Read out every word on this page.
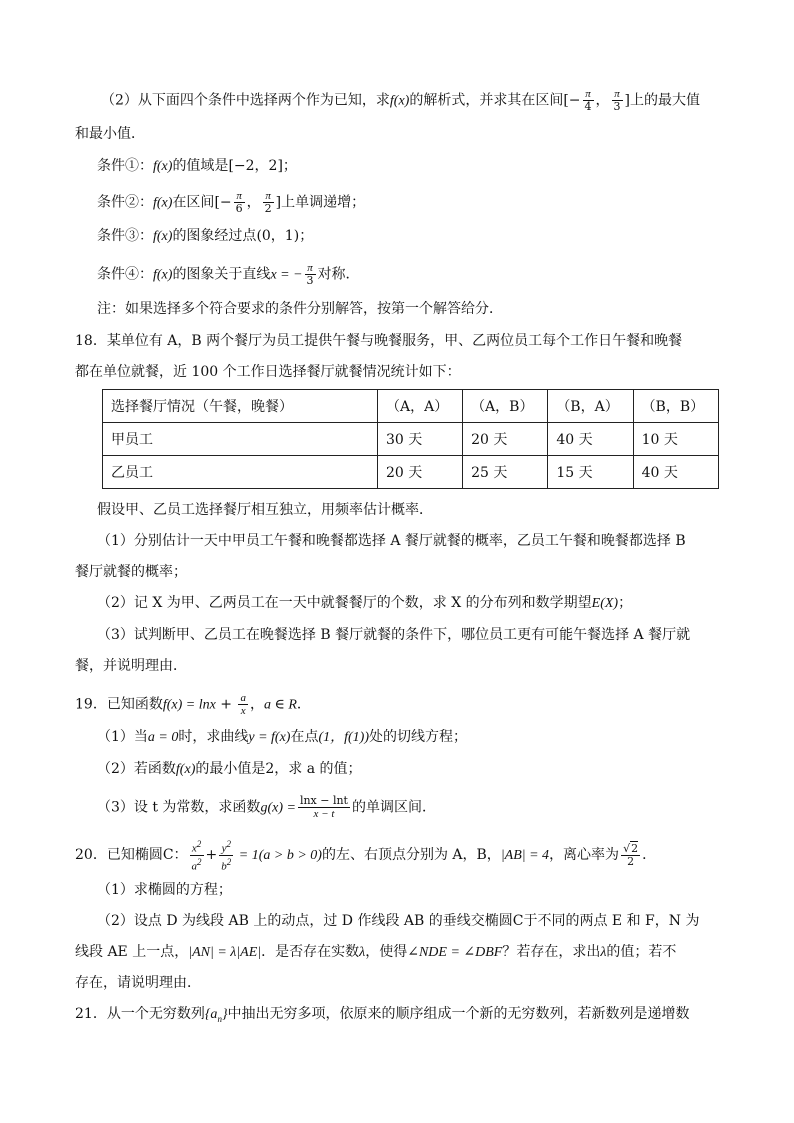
（2）从下面四个条件中选择两个作为已知，求f(x)的解析式，并求其在区间[− $\frac{\pi}{4}$ ， $\frac{\pi}{3}$ ]上的最大值
和最小值．
条件①：f(x)的值域是[−2，2]；
条件②：f(x)在区间[− $\frac{\pi}{6}$ ， $\frac{\pi}{2}$ ]上单调递增；
条件③：f(x)的图象经过点(0，1)；
条件④：f(x)的图象关于直线x = − $\frac{\pi}{3}$ 对称．
注：如果选择多个符合要求的条件分别解答，按第一个解答给分．
18．某单位有 A，B 两个餐厅为员工提供午餐与晚餐服务，甲、乙两位员工每个工作日午餐和晚餐
都在单位就餐，近 100 个工作日选择餐厅就餐情况统计如下：
选择餐厅情况（午餐，晚餐）	（A，A）	（A，B）	（B，A）	（B，B）
甲员工	30 天	20 天	40 天	10 天
乙员工	20 天	25 天	15 天	40 天
假设甲、乙员工选择餐厅相互独立，用频率估计概率．
（1）分别估计一天中甲员工午餐和晚餐都选择 A 餐厅就餐的概率，乙员工午餐和晚餐都选择 B
餐厅就餐的概率；
（2）记 X 为甲、乙两员工在一天中就餐餐厅的个数，求 X 的分布列和数学期望E(X)；
（3）试判断甲、乙员工在晚餐选择 B 餐厅就餐的条件下，哪位员工更有可能午餐选择 A 餐厅就
餐，并说明理由．
19．已知函数$f(x) = \ln x + \frac{a}{x}$ ，a ∈ R．
（1）当a = 0时，求曲线y = f(x)在点(1，f(1))处的切线方程；
（2）若函数f(x)的最小值是2，求 a 的值；
（3）设 t 为常数，求函数$g(x) = \frac{\ln x - \ln t}{x - t}$ 的单调区间．
20．已知椭圆C： $\frac{x^2}{a^2} + \frac{y^2}{b^2} = 1(a > b > 0)$的左、右顶点分别为 A，B，|AB| = 4，离心率为 $\frac{√2}{2}$ ．
（1）求椭圆的方程；
（2）设点 D 为线段 AB 上的动点，过 D 作线段 AB 的垂线交椭圆C于不同的两点 E 和 F，N 为
线段 AE 上一点，|AN| = λ|AE|．是否存在实数λ，使得∠NDE = ∠DBF？若存在，求出λ的值；若不
存在，请说明理由．
21．从一个无穷数列$\{a_n\}$中抽出无穷多项，依原来的顺序组成一个新的无穷数列，若新数列是递增数
